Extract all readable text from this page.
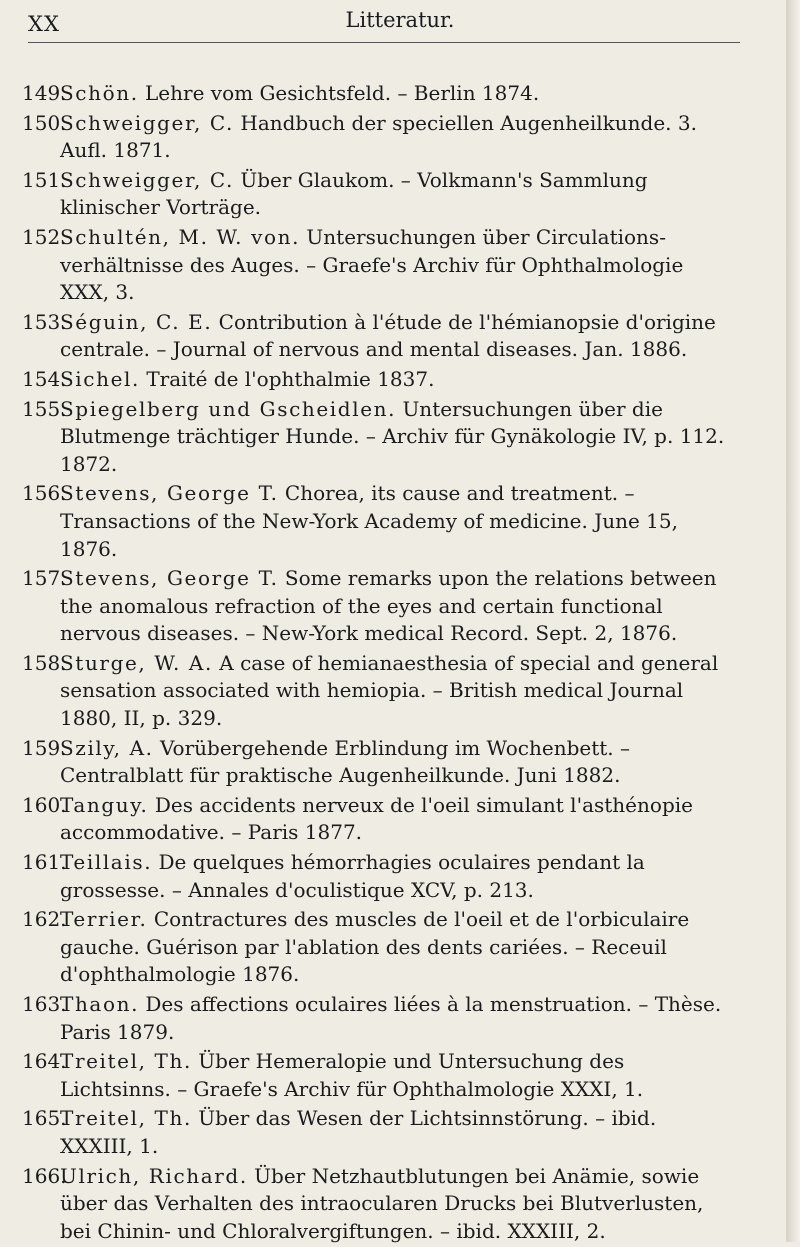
XX	Litteratur.
149.
Schön. Lehre vom Gesichtsfeld. – Berlin 1874.
150.
Schweigger, C. Handbuch der speciellen Augenheilkunde. 3. Aufl. 1871.
151.
Schweigger, C. Über Glaukom. – Volkmann's Sammlung klinischer Vorträge.
152.
Schultén, M. W. von. Untersuchungen über Circulations-verhältnisse des Auges. – Graefe's Archiv für Ophthalmologie XXX, 3.
153.
Séguin, C. E. Contribution à l'étude de l'hémianopsie d'origine centrale. – Journal of nervous and mental diseases. Jan. 1886.
154.
Sichel. Traité de l'ophthalmie 1837.
155.
Spiegelberg und Gscheidlen. Untersuchungen über die Blutmenge trächtiger Hunde. – Archiv für Gynäkologie IV, p. 112. 1872.
156.
Stevens, George T. Chorea, its cause and treatment. – Transactions of the New-York Academy of medicine. June 15, 1876.
157.
Stevens, George T. Some remarks upon the relations between the anomalous refraction of the eyes and certain functional nervous diseases. – New-York medical Record. Sept. 2, 1876.
158.
Sturge, W. A. A case of hemianaesthesia of special and general sensation associated with hemiopia. – British medical Journal 1880, II, p. 329.
159.
Szily, A. Vorübergehende Erblindung im Wochenbett. – Centralblatt für praktische Augenheilkunde. Juni 1882.
160.
Tanguy. Des accidents nerveux de l'oeil simulant l'asthénopie accommodative. – Paris 1877.
161.
Teillais. De quelques hémorrhagies oculaires pendant la grossesse. – Annales d'oculistique XCV, p. 213.
162.
Terrier. Contractures des muscles de l'oeil et de l'orbiculaire gauche. Guérison par l'ablation des dents cariées. – Receuil d'ophthalmologie 1876.
163.
Thaon. Des affections oculaires liées à la menstruation. – Thèse. Paris 1879.
164.
Treitel, Th. Über Hemeralopie und Untersuchung des Lichtsinns. – Graefe's Archiv für Ophthalmologie XXXI, 1.
165.
Treitel, Th. Über das Wesen der Lichtsinnstörung. – ibid. XXXIII, 1.
166.
Ulrich, Richard. Über Netzhautblutungen bei Anämie, sowie über das Verhalten des intraocularen Drucks bei Blutverlusten, bei Chinin- und Chloralvergiftungen. – ibid. XXXIII, 2.
